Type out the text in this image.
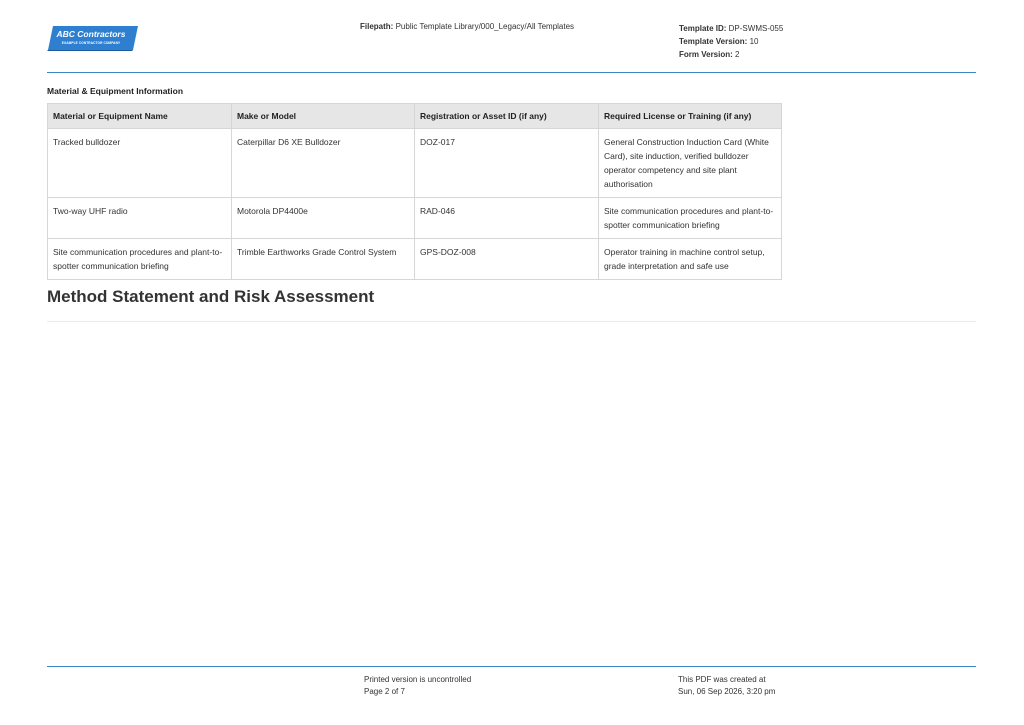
ABC Contractors
EXAMPLE CONTRACTOR COMPANY
Filepath: Public Template Library/000_Legacy/All Templates	Template ID: DP-SWMS-055
Template Version: 10
Form Version: 2
Material & Equipment Information
Material or Equipment Name	Make or Model	Registration or Asset ID (if any)	Required License or Training (if any)
Tracked bulldozer	Caterpillar D6 XE Bulldozer	DOZ-017	General Construction Induction Card (White Card), site induction, verified bulldozer operator competency and site plant authorisation
Two-way UHF radio	Motorola DP4400e	RAD-046	Site communication procedures and plant-to-spotter communication briefing
Site communication procedures and plant-to-spotter communication briefing	Trimble Earthworks Grade Control System	GPS-DOZ-008	Operator training in machine control setup, grade interpretation and safe use
Method Statement and Risk Assessment
Printed version is uncontrolled
Page 2 of 7
This PDF was created at
Sun, 06 Sep 2026, 3:20 pm
